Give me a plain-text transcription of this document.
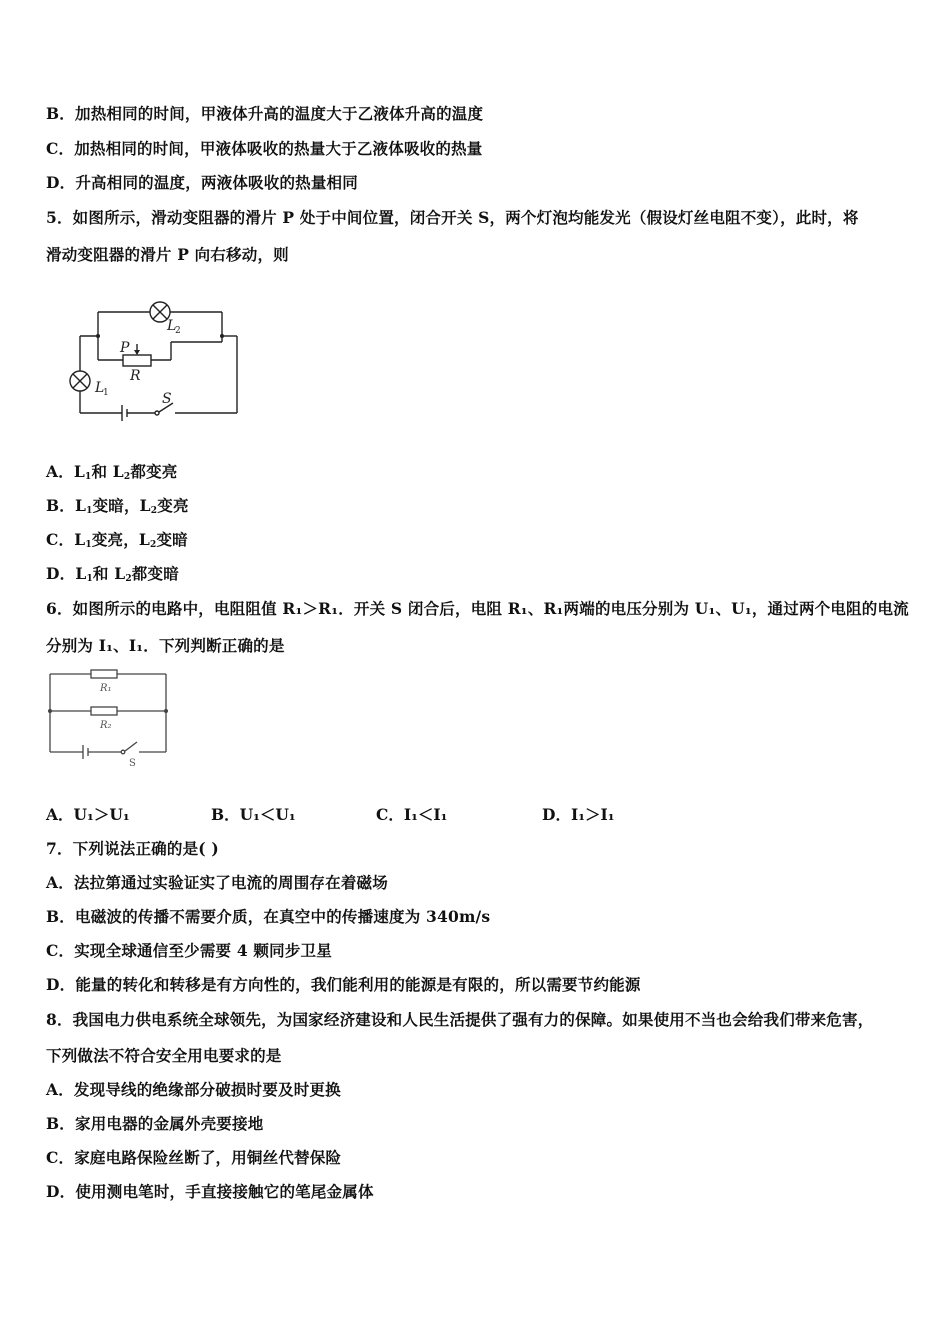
B．加热相同的时间，甲液体升高的温度大于乙液体升高的温度
C．加热相同的时间，甲液体吸收的热量大于乙液体吸收的热量
D．升高相同的温度，两液体吸收的热量相同
5．如图所示，滑动变阻器的滑片 P 处于中间位置，闭合开关 S，两个灯泡均能发光（假设灯丝电阻不变），此时，将
滑动变阻器的滑片 P 向右移动，则
L
2
L
1
P
R
S
A．$L_1$和 $L_2$都变亮
B．$L_1$变暗，$L_2$变亮
C．$L_1$变亮，$L_2$变暗
D．$L_1$和 $L_2$都变暗
6．如图所示的电路中，电阻阻值 R₁＞R₁．开关 S 闭合后，电阻 R₁、R₁两端的电压分别为 U₁、U₁，通过两个电阻的电流
分别为 I₁、I₁．下列判断正确的是
R₁
R₂
S
A．U₁＞U₁	B．U₁＜U₁	C．I₁＜I₁	D．I₁＞I₁
7．下列说法正确的是( )
A．法拉第通过实验证实了电流的周围存在着磁场
B．电磁波的传播不需要介质，在真空中的传播速度为 340m/s
C．实现全球通信至少需要 4 颗同步卫星
D．能量的转化和转移是有方向性的，我们能利用的能源是有限的，所以需要节约能源
8．我国电力供电系统全球领先，为国家经济建设和人民生活提供了强有力的保障。如果使用不当也会给我们带来危害，
下列做法不符合安全用电要求的是
A．发现导线的绝缘部分破损时要及时更换
B．家用电器的金属外壳要接地
C．家庭电路保险丝断了，用铜丝代替保险
D．使用测电笔时，手直接接触它的笔尾金属体
